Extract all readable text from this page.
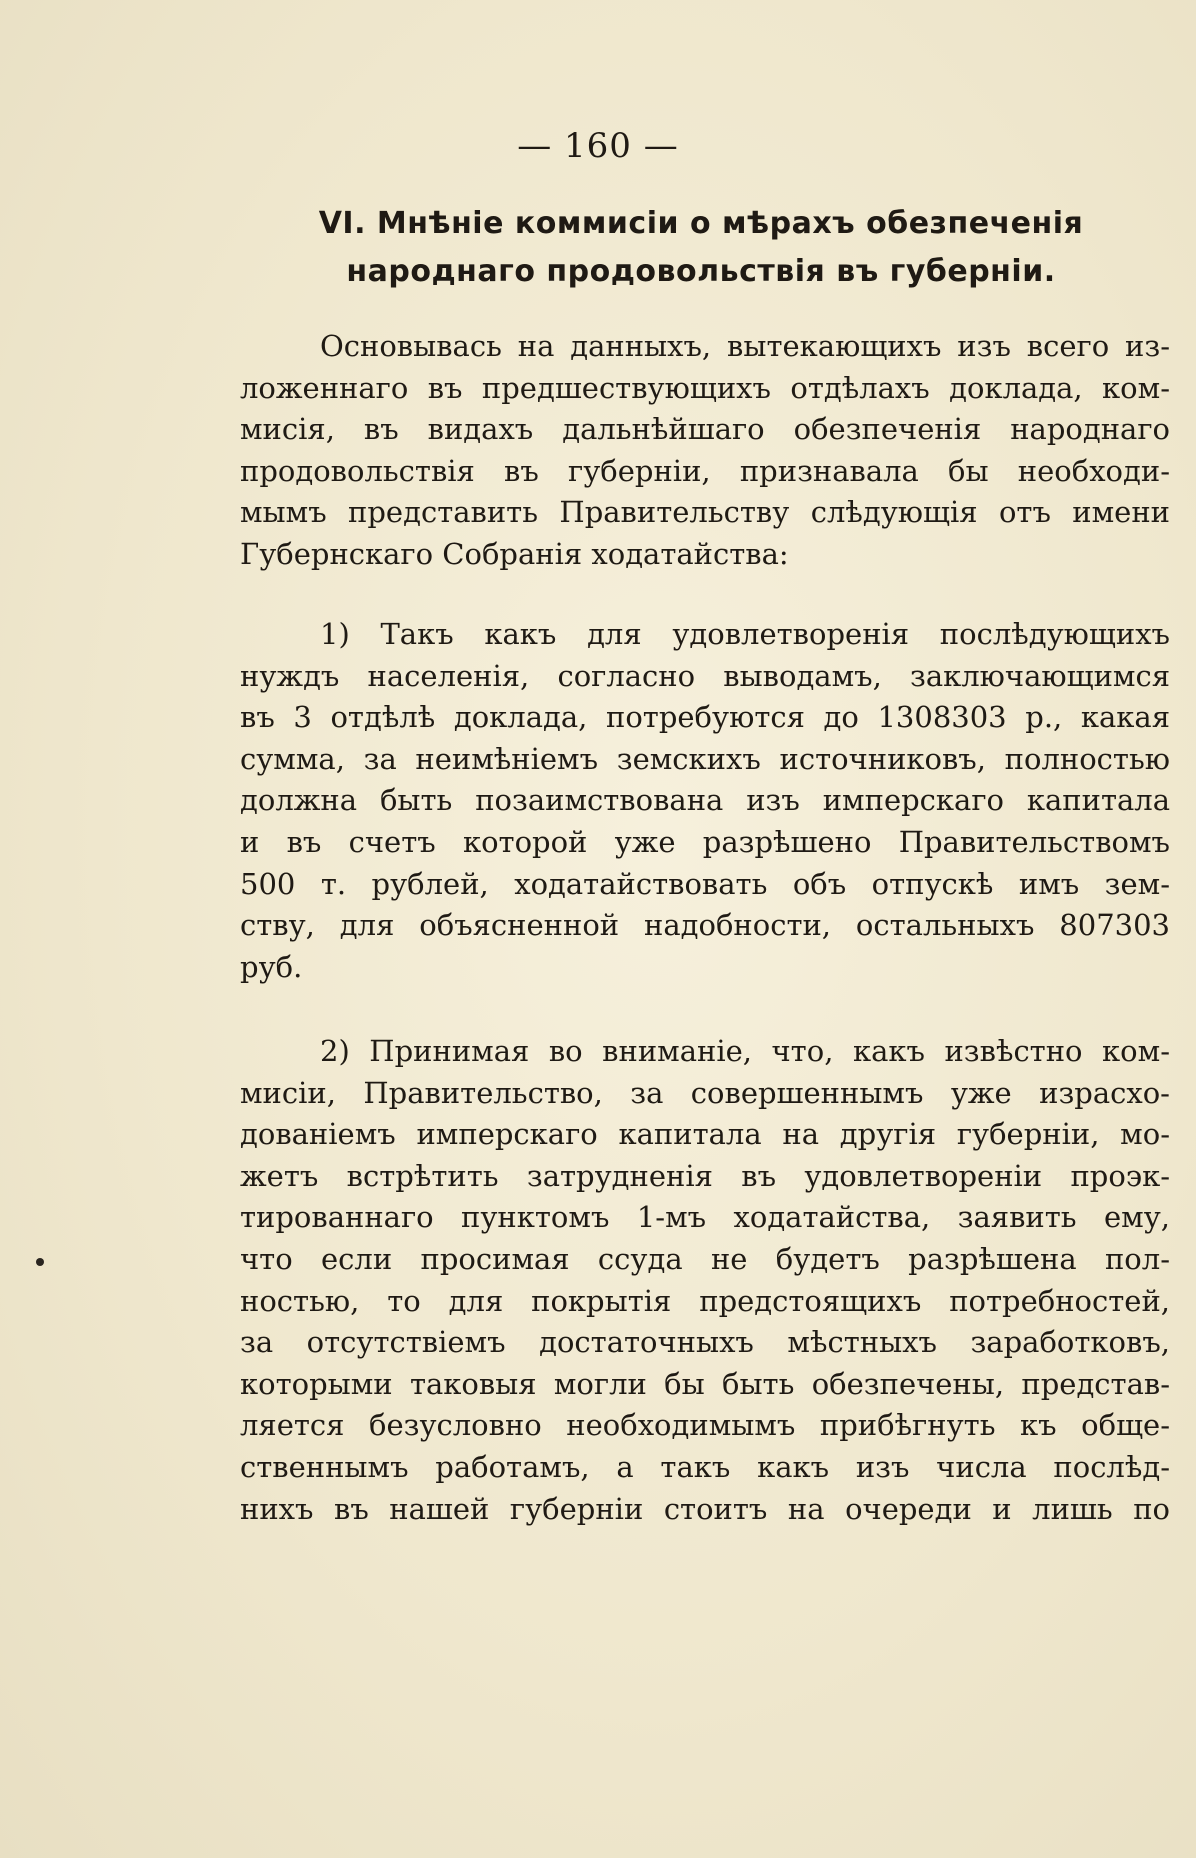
— 160 —
VI. Мнѣніе коммисіи о мѣрахъ обезпеченія
народнаго продовольствія въ губерніи.
Основывась на данныхъ, вытекающихъ изъ всего из-
ложеннаго въ предшествующихъ отдѣлахъ доклада, ком-
мисія, въ видахъ дальнѣйшаго обезпеченія народнаго
продовольствія въ губерніи, признавала бы необходи-
мымъ представить Правительству слѣдующія отъ имени
Губернскаго Собранія ходатайства:
1) Такъ какъ для удовлетворенія послѣдующихъ
нуждъ населенія, согласно выводамъ, заключающимся
въ 3 отдѣлѣ доклада, потребуются до 1308303 р., какая
сумма, за неимѣніемъ земскихъ источниковъ, полностью
должна быть позаимствована изъ имперскаго капитала
и въ счетъ которой уже разрѣшено Правительствомъ
500 т. рублей, ходатайствовать объ отпускѣ имъ зем-
ству, для объясненной надобности, остальныхъ 807303
руб.
2) Принимая во вниманіе, что, какъ извѣстно ком-
мисіи, Правительство, за совершеннымъ уже израсхо-
дованіемъ имперскаго капитала на другія губерніи, мо-
жетъ встрѣтить затрудненія въ удовлетвореніи проэк-
тированнаго пунктомъ 1-мъ ходатайства, заявить ему,
что если просимая ссуда не будетъ разрѣшена пол-
ностью, то для покрытія предстоящихъ потребностей,
за отсутствіемъ достаточныхъ мѣстныхъ заработковъ,
которыми таковыя могли бы быть обезпечены, представ-
ляется безусловно необходимымъ прибѣгнуть къ обще-
ственнымъ работамъ, а такъ какъ изъ числа послѣд-
нихъ въ нашей губерніи стоитъ на очереди и лишь по
